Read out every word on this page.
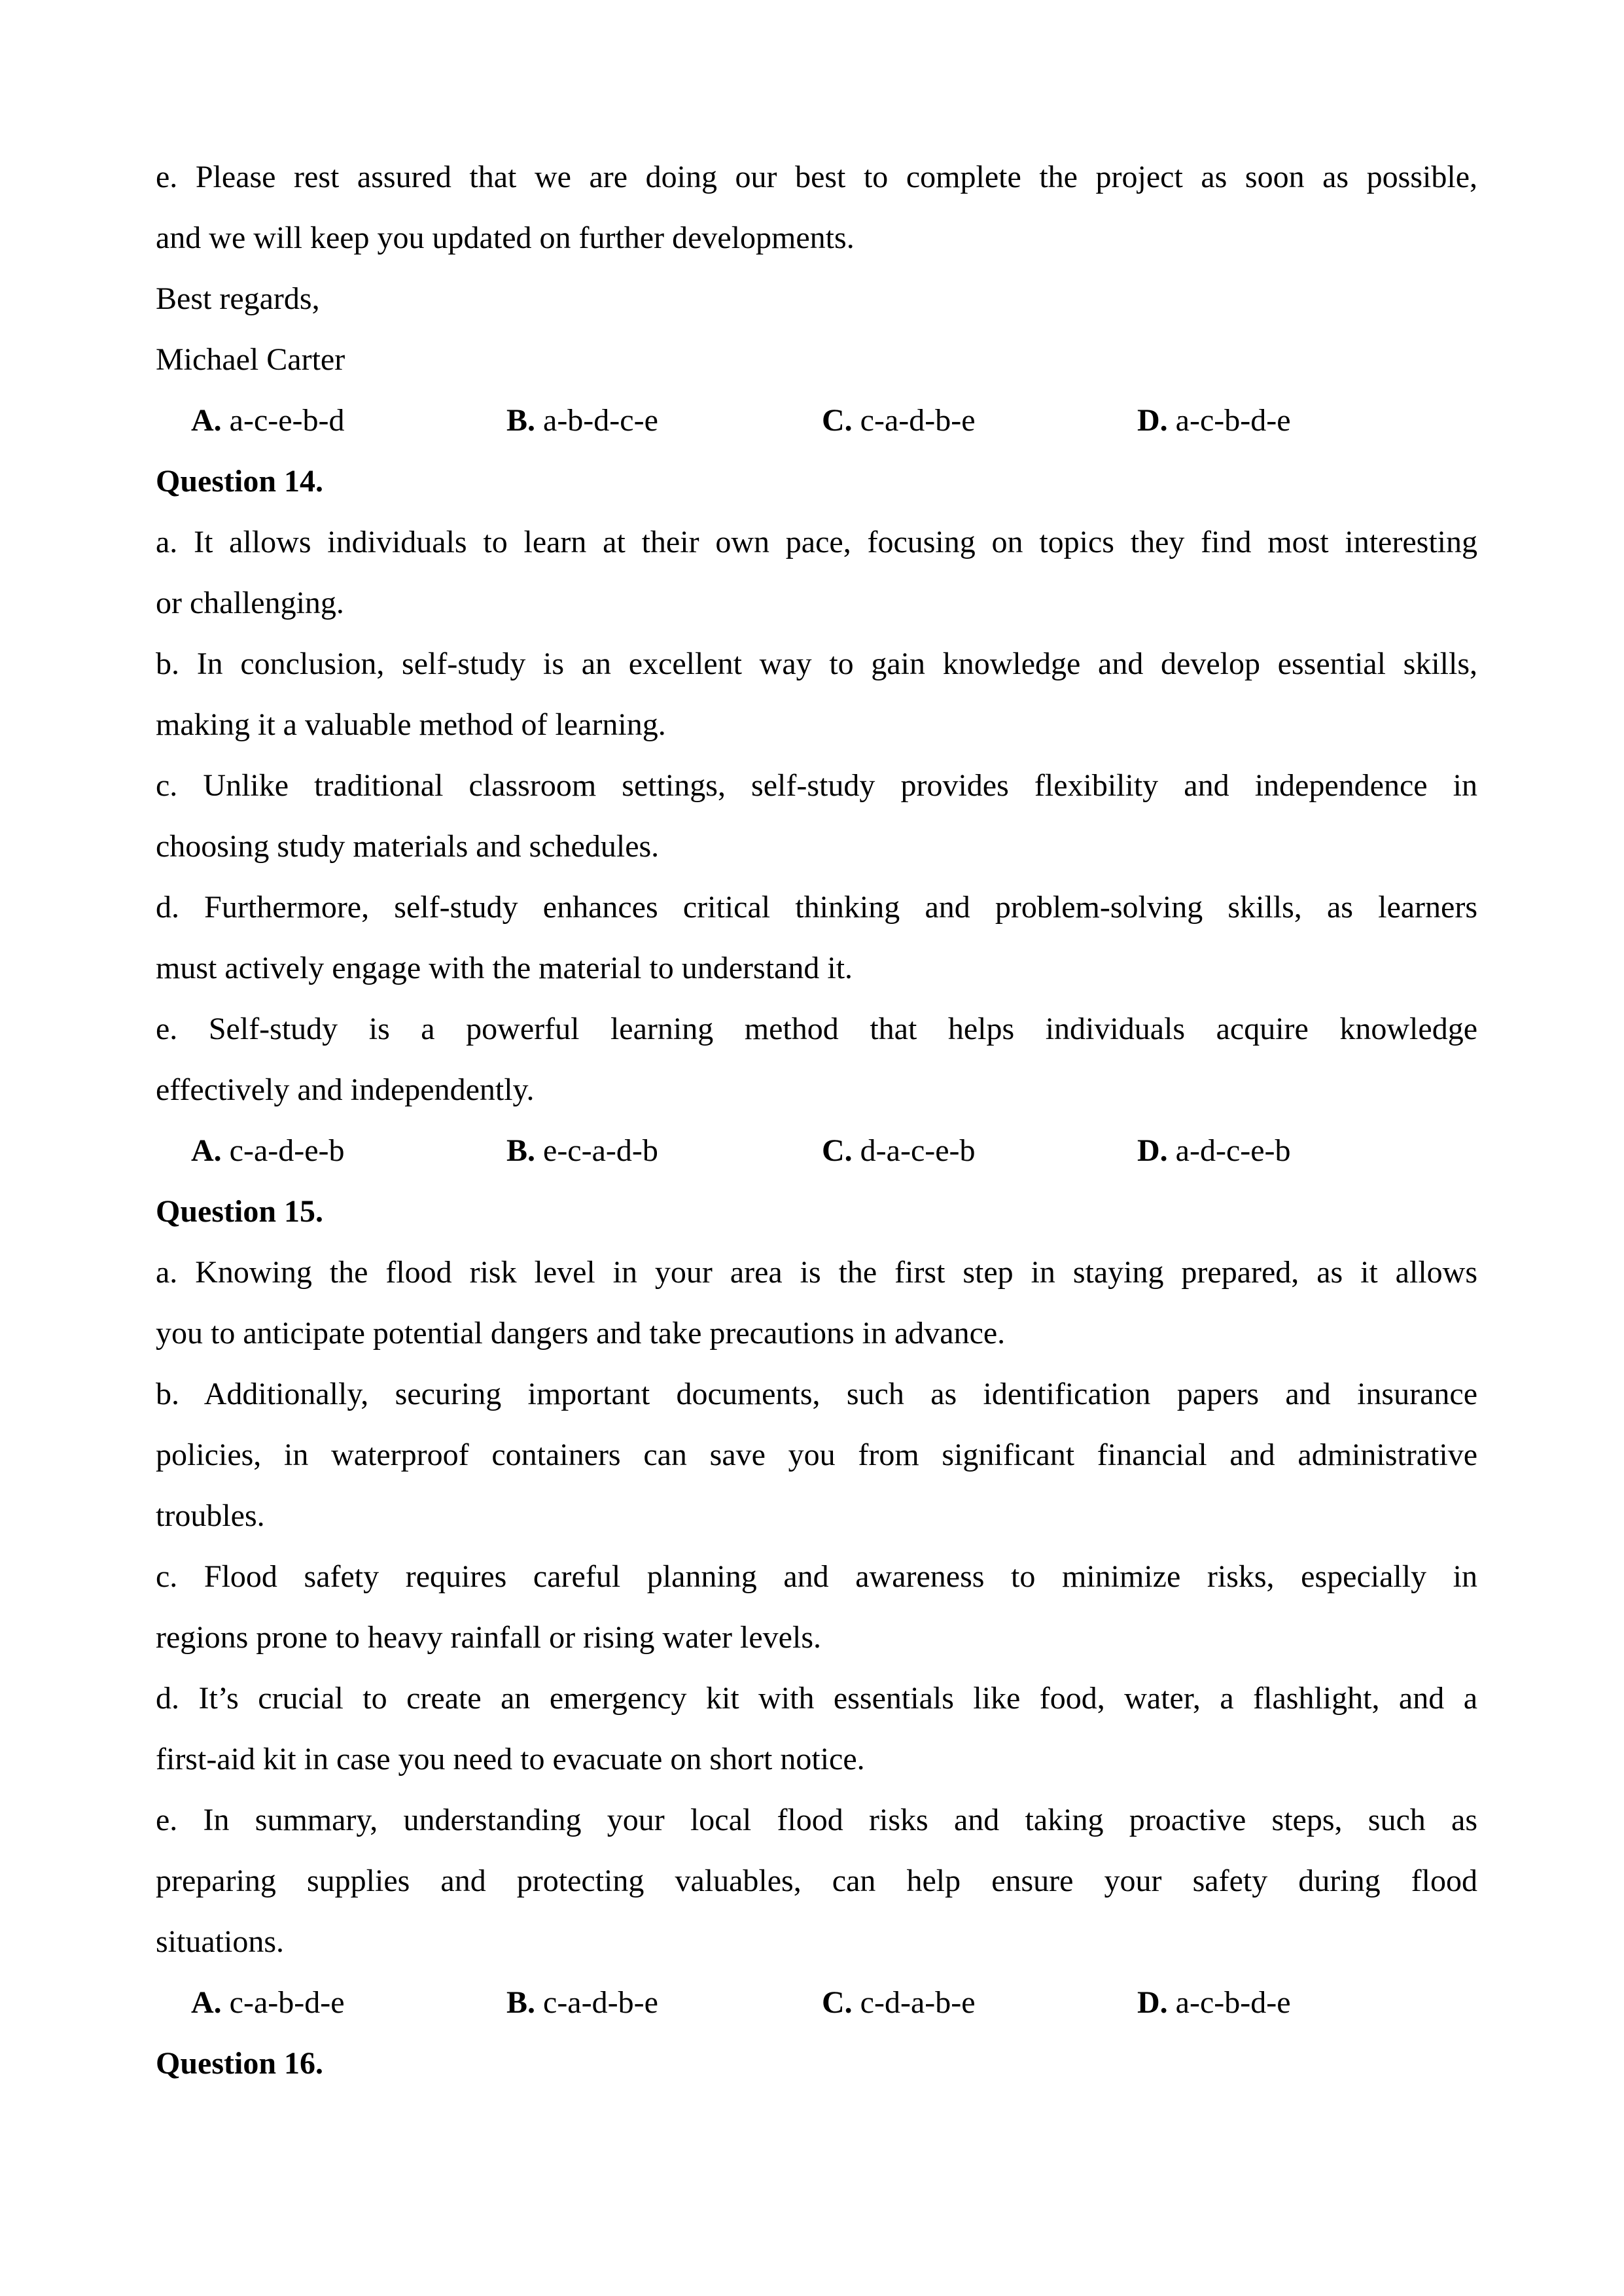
e. Please rest assured that we are doing our best to complete the project as soon as possible,
and we will keep you updated on further developments.
Best regards,
Michael Carter
A. a-c-e-b-d	B. a-b-d-c-e	C. c-a-d-b-e	D. a-c-b-d-e
Question 14.
a. It allows individuals to learn at their own pace, focusing on topics they find most interesting
or challenging.
b. In conclusion, self-study is an excellent way to gain knowledge and develop essential skills,
making it a valuable method of learning.
c. Unlike traditional classroom settings, self-study provides flexibility and independence in
choosing study materials and schedules.
d. Furthermore, self-study enhances critical thinking and problem-solving skills, as learners
must actively engage with the material to understand it.
e. Self-study is a powerful learning method that helps individuals acquire knowledge
effectively and independently.
A. c-a-d-e-b	B. e-c-a-d-b	C. d-a-c-e-b	D. a-d-c-e-b
Question 15.
a. Knowing the flood risk level in your area is the first step in staying prepared, as it allows
you to anticipate potential dangers and take precautions in advance.
b. Additionally, securing important documents, such as identification papers and insurance
policies, in waterproof containers can save you from significant financial and administrative
troubles.
c. Flood safety requires careful planning and awareness to minimize risks, especially in
regions prone to heavy rainfall or rising water levels.
d. It’s crucial to create an emergency kit with essentials like food, water, a flashlight, and a
first-aid kit in case you need to evacuate on short notice.
e. In summary, understanding your local flood risks and taking proactive steps, such as
preparing supplies and protecting valuables, can help ensure your safety during flood
situations.
A. c-a-b-d-e	B. c-a-d-b-e	C. c-d-a-b-e	D. a-c-b-d-e
Question 16.
